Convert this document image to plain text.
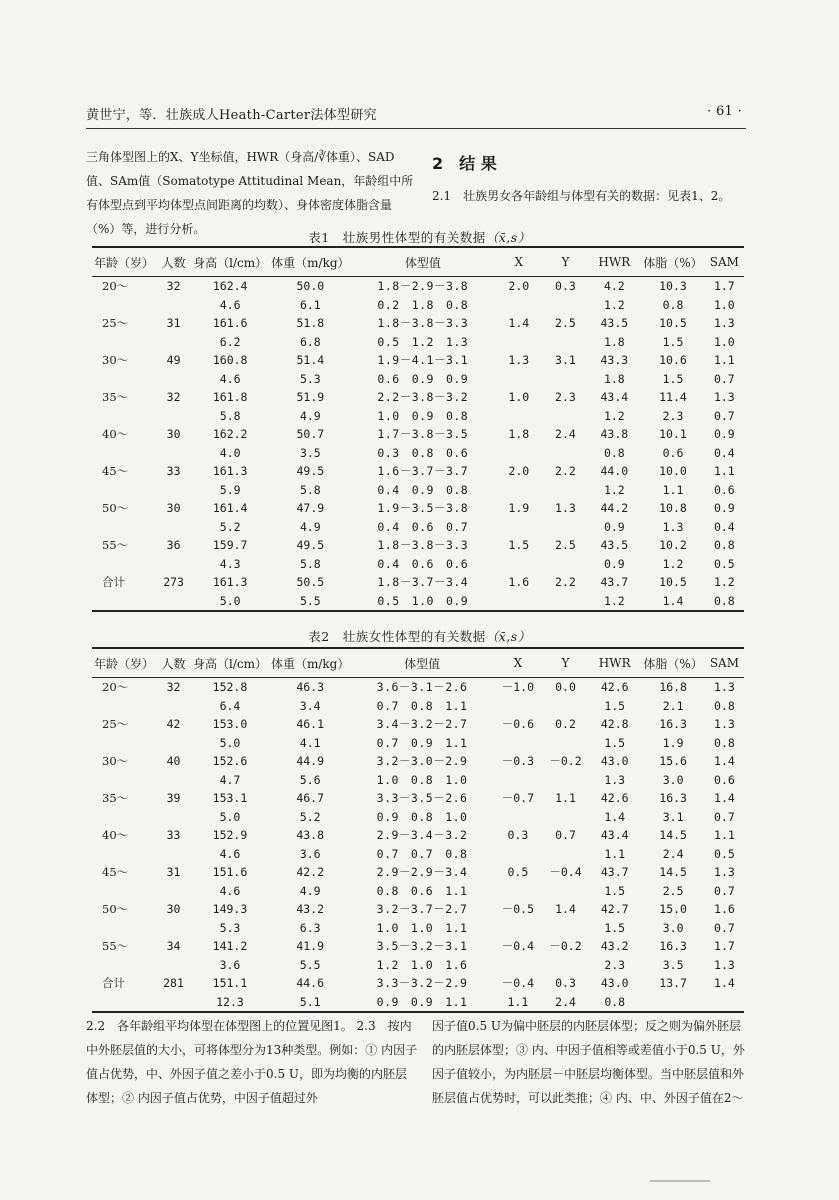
黄世宁，等．壮族成人Heath-Carter法体型研究	· 61 ·
三角体型图上的X、Y坐标值，HWR（身高/∛体重）、SAD值、SAm值（Somatotype Attitudinal Mean，年龄组中所有体型点到平均体型点间距离的均数）、身体密度体脂含量（%）等，进行分析。
2 结 果
2.1　壮族男女各年龄组与体型有关的数据：见表1、2。
表1　壮族男性体型的有关数据（x̄,s）
年龄（岁）	人数	身高（l/cm）	体重（m/kg）	体型值	X	Y	HWR	体脂（%）	SAM
20～	32	162.4	50.0	1.8－2.9－3.8	2.0	0.3	4.2	10.3	1.7
		4.6	6.1	0.2　1.8　0.8			1.2	0.8	1.0
25～	31	161.6	51.8	1.8－3.8－3.3	1.4	2.5	43.5	10.5	1.3
		6.2	6.8	0.5　1.2　1.3			1.8	1.5	1.0
30～	49	160.8	51.4	1.9－4.1－3.1	1.3	3.1	43.3	10.6	1.1
		4.6	5.3	0.6　0.9　0.9			1.8	1.5	0.7
35～	32	161.8	51.9	2.2－3.8－3.2	1.0	2.3	43.4	11.4	1.3
		5.8	4.9	1.0　0.9　0.8			1.2	2.3	0.7
40～	30	162.2	50.7	1.7－3.8－3.5	1.8	2.4	43.8	10.1	0.9
		4.0	3.5	0.3　0.8　0.6			0.8	0.6	0.4
45～	33	161.3	49.5	1.6－3.7－3.7	2.0	2.2	44.0	10.0	1.1
		5.9	5.8	0.4　0.9　0.8			1.2	1.1	0.6
50～	30	161.4	47.9	1.9－3.5－3.8	1.9	1.3	44.2	10.8	0.9
		5.2	4.9	0.4　0.6　0.7			0.9	1.3	0.4
55～	36	159.7	49.5	1.8－3.8－3.3	1.5	2.5	43.5	10.2	0.8
		4.3	5.8	0.4　0.6　0.6			0.9	1.2	0.5
合计	273	161.3	50.5	1.8－3.7－3.4	1.6	2.2	43.7	10.5	1.2
		5.0	5.5	0.5　1.0　0.9			1.2	1.4	0.8
表2　壮族女性体型的有关数据（x̄,s）
年龄（岁）	人数	身高（l/cm）	体重（m/kg）	体型值	X	Y	HWR	体脂（%）	SAM
20～	32	152.8	46.3	3.6－3.1－2.6	－1.0	0.0	42.6	16.8	1.3
		6.4	3.4	0.7　0.8　1.1			1.5	2.1	0.8
25～	42	153.0	46.1	3.4－3.2－2.7	－0.6	0.2	42.8	16.3	1.3
		5.0	4.1	0.7　0.9　1.1			1.5	1.9	0.8
30～	40	152.6	44.9	3.2－3.0－2.9	－0.3	－0.2	43.0	15.6	1.4
		4.7	5.6	1.0　0.8　1.0			1.3	3.0	0.6
35～	39	153.1	46.7	3.3－3.5－2.6	－0.7	1.1	42.6	16.3	1.4
		5.0	5.2	0.9　0.8　1.0			1.4	3.1	0.7
40～	33	152.9	43.8	2.9－3.4－3.2	0.3	0.7	43.4	14.5	1.1
		4.6	3.6	0.7　0.7　0.8			1.1	2.4	0.5
45～	31	151.6	42.2	2.9－2.9－3.4	0.5	－0.4	43.7	14.5	1.3
		4.6	4.9	0.8　0.6　1.1			1.5	2.5	0.7
50～	30	149.3	43.2	3.2－3.7－2.7	－0.5	1.4	42.7	15.0	1.6
		5.3	6.3	1.0　1.0　1.1			1.5	3.0	0.7
55～	34	141.2	41.9	3.5－3.2－3.1	－0.4	－0.2	43.2	16.3	1.7
		3.6	5.5	1.2　1.0　1.6			2.3	3.5	1.3
合计	281	151.1	44.6	3.3－3.2－2.9	－0.4	0.3	43.0	13.7	1.4
		12.3	5.1	0.9　0.9　1.1	1.1	2.4	0.8		
2.2　各年龄组平均体型在体型图上的位置见图1。 2.3　按内中外胚层值的大小，可将体型分为13种类型。例如：① 内因子值占优势，中、外因子值之差小于0.5 U，即为均衡的内胚层体型；② 内因子值占优势，中因子值超过外
因子值0.5 U为偏中胚层的内胚层体型；反之则为偏外胚层的内胚层体型；③ 内、中因子值相等或差值小于0.5 U，外因子值较小，为内胚层－中胚层均衡体型。当中胚层值和外胚层值占优势时，可以此类推；④ 内、中、外因子值在2～
